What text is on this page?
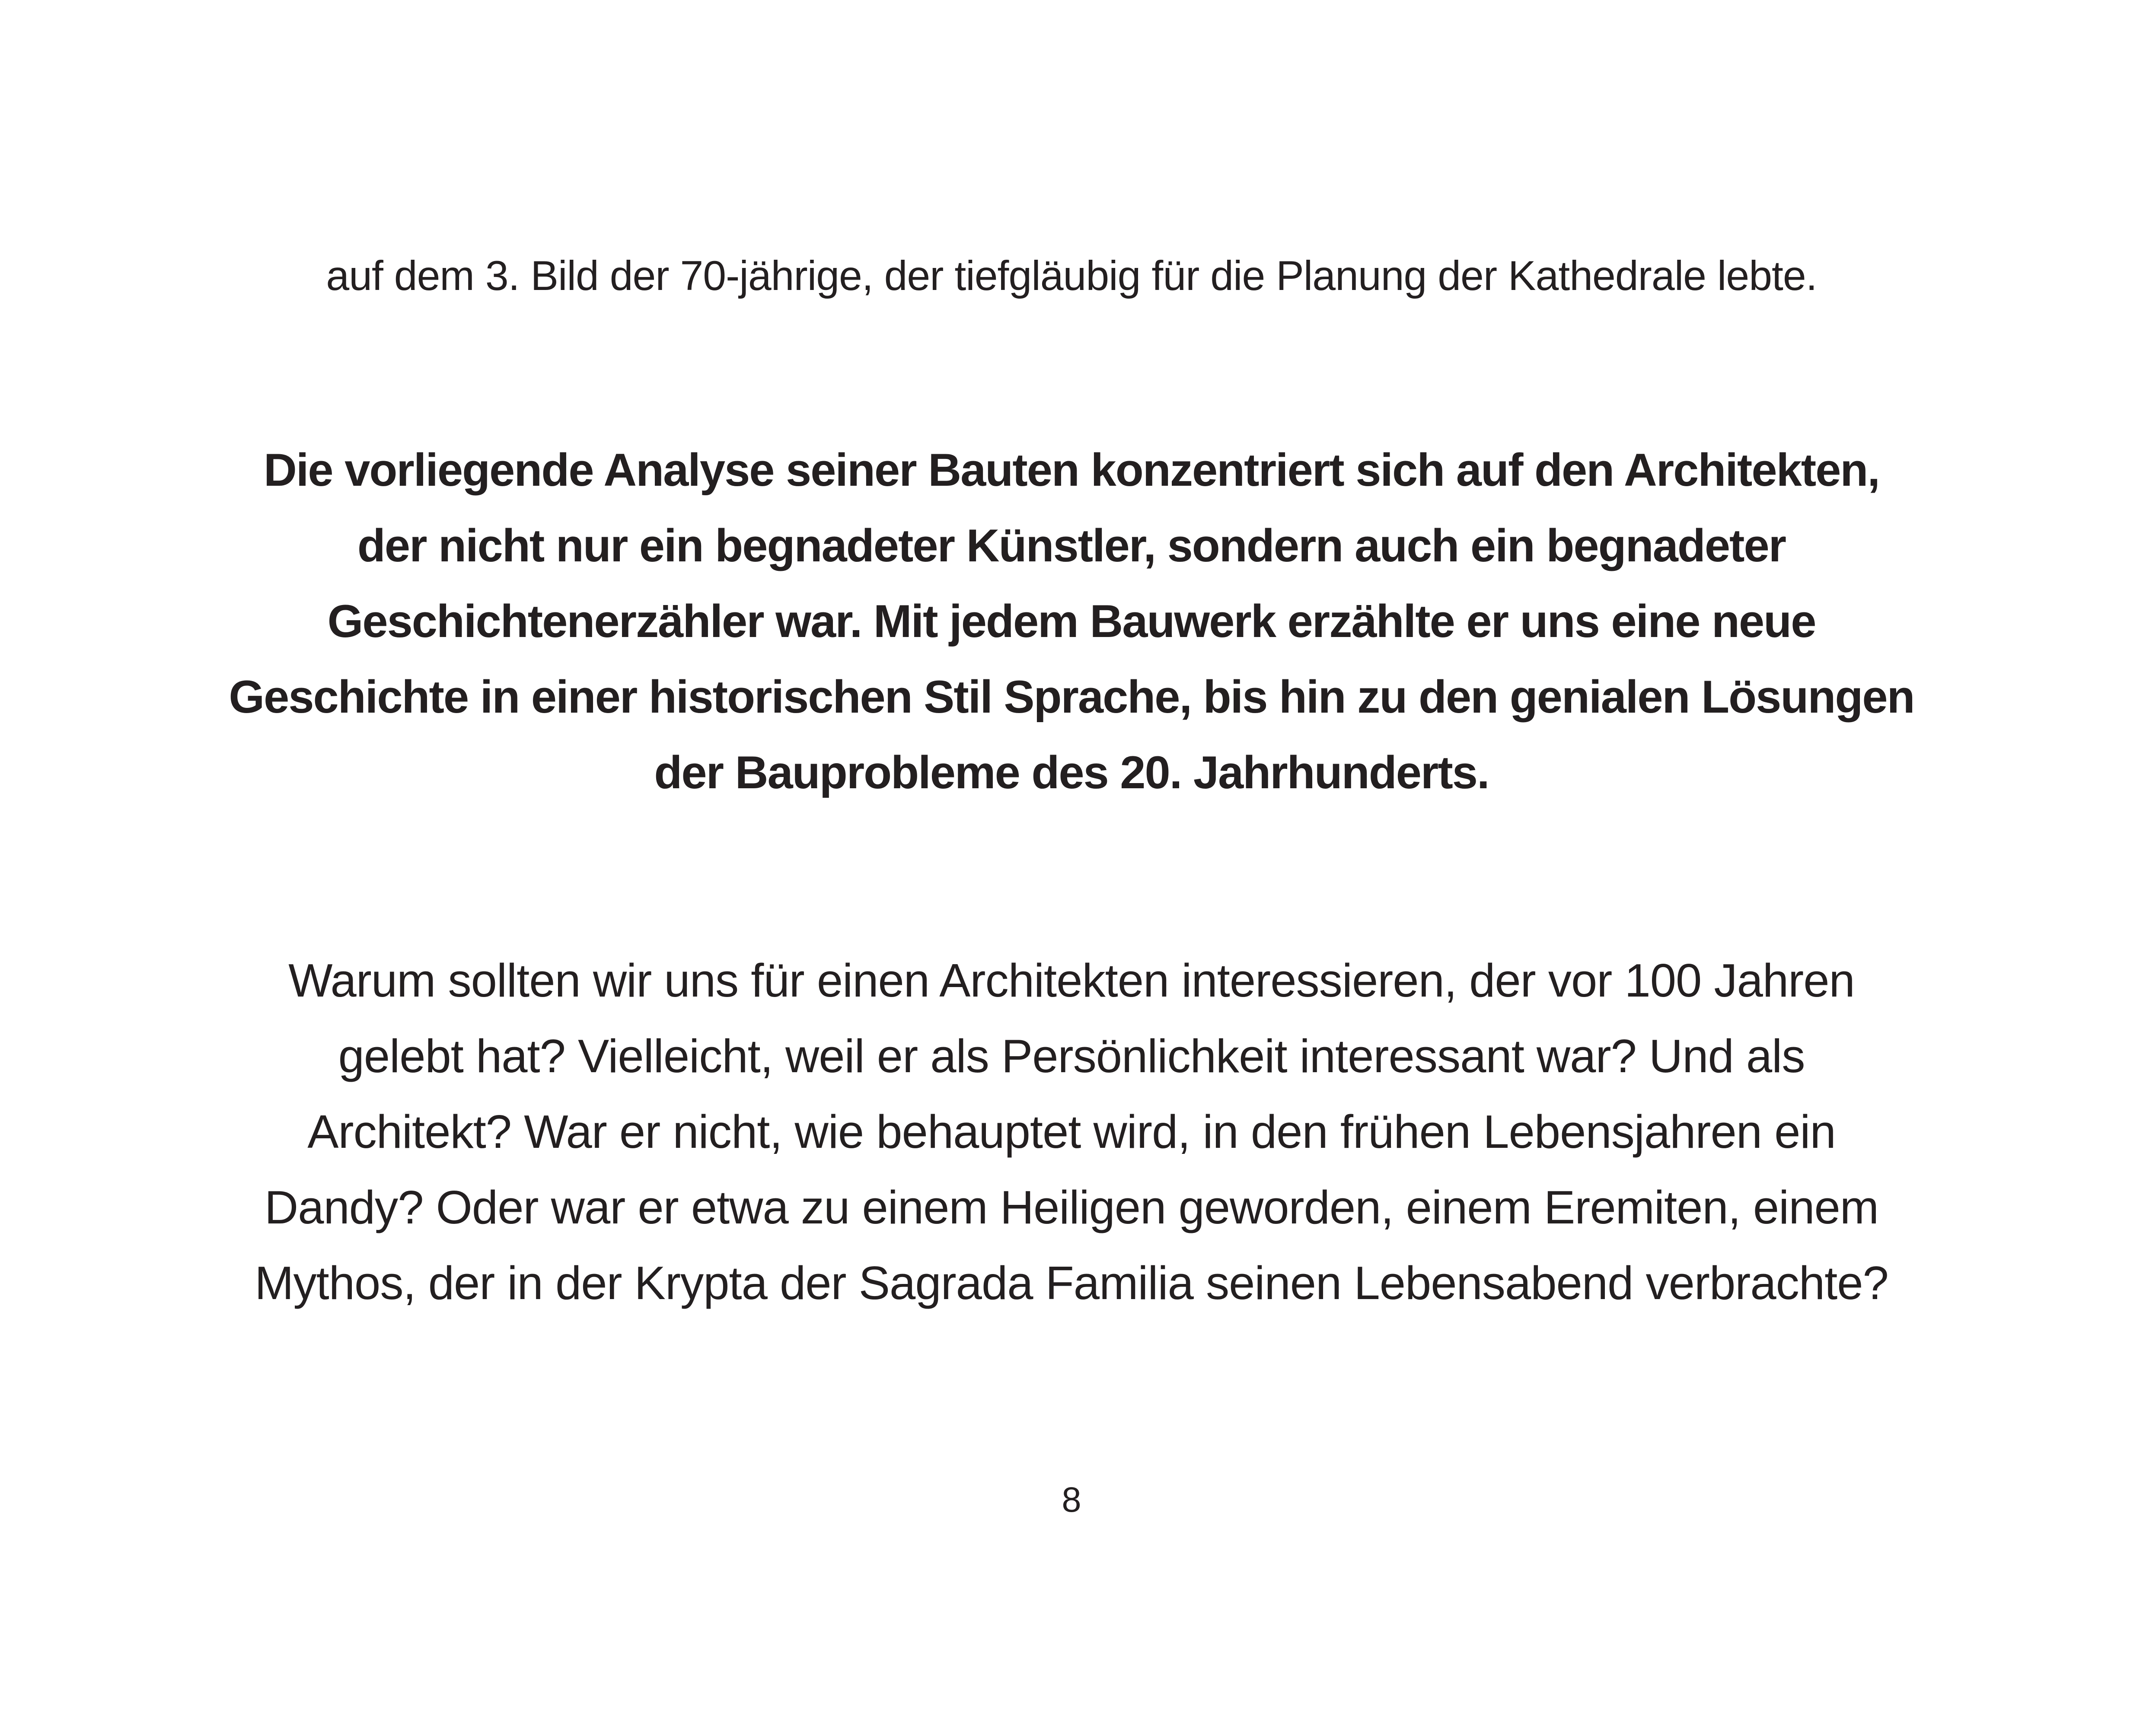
auf dem 3. Bild der 70-jährige, der tiefgläubig für die Planung der Kathedrale lebte.
Die vorliegende Analyse seiner Bauten konzentriert sich auf den Architekten,
der nicht nur ein begnadeter Künstler, sondern auch ein begnadeter
Geschichtenerzähler war. Mit jedem Bauwerk erzählte er uns eine neue
Geschichte in einer historischen Stil Sprache, bis hin zu den genialen Lösungen
der Bauprobleme des 20. Jahrhunderts.
Warum sollten wir uns für einen Architekten interessieren, der vor 100 Jahren
gelebt hat? Vielleicht, weil er als Persönlichkeit interessant war? Und als
Architekt? War er nicht, wie behauptet wird, in den frühen Lebensjahren ein
Dandy? Oder war er etwa zu einem Heiligen geworden, einem Eremiten, einem
Mythos, der in der Krypta der Sagrada Familia seinen Lebensabend verbrachte?
8
